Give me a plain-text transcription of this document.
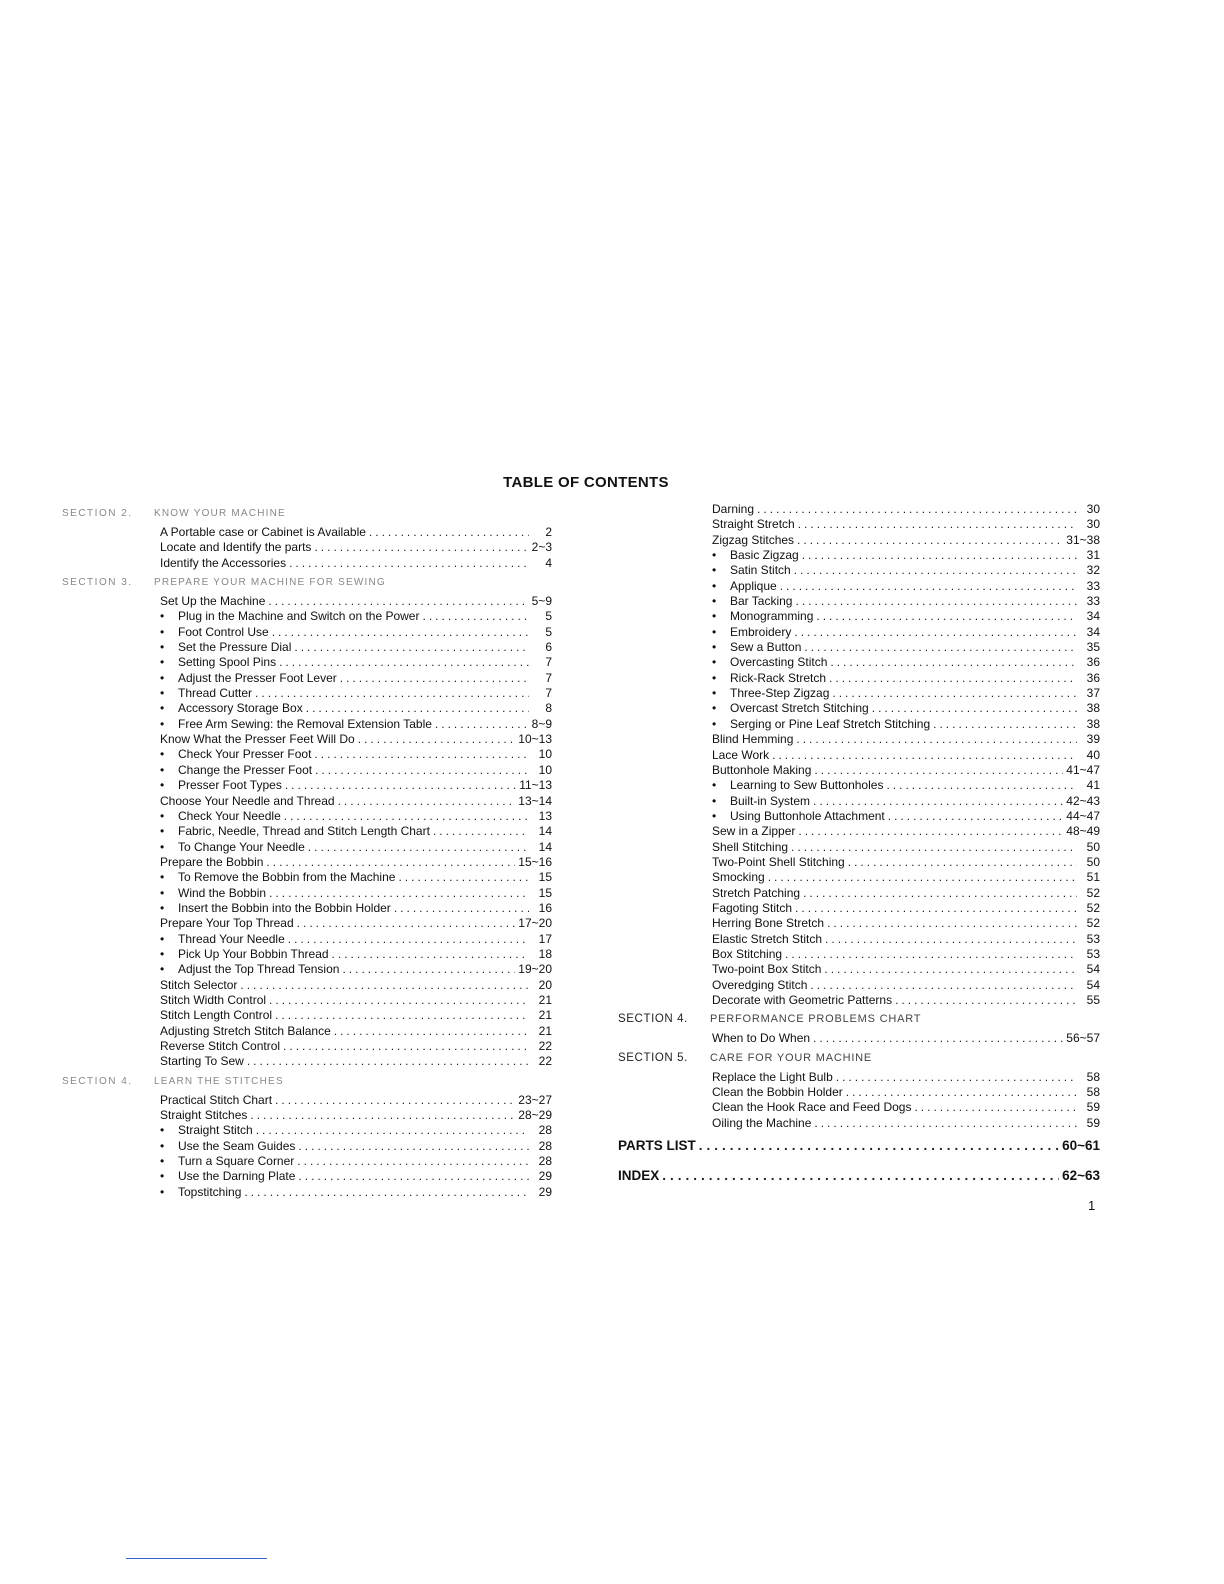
TABLE OF CONTENTS
SECTION 2.	KNOW YOUR MACHINE
A Portable case or Cabinet is Available .....	2
Locate and Identify the parts .....	2~3
Identify the Accessories .....	4
SECTION 3.	PREPARE YOUR MACHINE FOR SEWING
Set Up the Machine .....	5~9
• Plug in the Machine and Switch on the Power .....	5
• Foot Control Use .....	5
• Set the Pressure Dial .....	6
• Setting Spool Pins .....	7
• Adjust the Presser Foot Lever .....	7
• Thread Cutter .....	7
• Accessory Storage Box .....	8
• Free Arm Sewing: the Removal Extension Table .....	8~9
Know What the Presser Feet Will Do .....	10~13
• Check Your Presser Foot .....	10
• Change the Presser Foot .....	10
• Presser Foot Types .....	11~13
Choose Your Needle and Thread .....	13~14
• Check Your Needle .....	13
• Fabric, Needle, Thread and Stitch Length Chart .....	14
• To Change Your Needle .....	14
Prepare the Bobbin .....	15~16
• To Remove the Bobbin from the Machine .....	15
• Wind the Bobbin .....	15
• Insert the Bobbin into the Bobbin Holder .....	16
Prepare Your Top Thread .....	17~20
• Thread Your Needle .....	17
• Pick Up Your Bobbin Thread .....	18
• Adjust the Top Thread Tension .....	19~20
Stitch Selector .....	20
Stitch Width Control .....	21
Stitch Length Control .....	21
Adjusting Stretch Stitch Balance .....	21
Reverse Stitch Control .....	22
Starting To Sew .....	22
SECTION 4.	LEARN THE STITCHES
Practical Stitch Chart .....	23~27
Straight Stitches .....	28~29
• Straight Stitch .....	28
• Use the Seam Guides .....	28
• Turn a Square Corner .....	28
• Use the Darning Plate .....	29
• Topstitching .....	29
Darning .....	30
Straight Stretch .....	30
Zigzag Stitches .....	31~38
• Basic Zigzag .....	31
• Satin Stitch .....	32
• Applique .....	33
• Bar Tacking .....	33
• Monogramming .....	34
• Embroidery .....	34
• Sew a Button .....	35
• Overcasting Stitch .....	36
• Rick-Rack Stretch .....	36
• Three-Step Zigzag .....	37
• Overcast Stretch Stitching .....	38
• Serging or Pine Leaf Stretch Stitching .....	38
Blind Hemming .....	39
Lace Work .....	40
Buttonhole Making .....	41~47
• Learning to Sew Buttonholes .....	41
• Built-in System .....	42~43
• Using Buttonhole Attachment .....	44~47
Sew in a Zipper .....	48~49
Shell Stitching .....	50
Two-Point Shell Stitching .....	50
Smocking .....	51
Stretch Patching .....	52
Fagoting Stitch .....	52
Herring Bone Stretch .....	52
Elastic Stretch Stitch .....	53
Box Stitching .....	53
Two-point Box Stitch .....	54
Overedging Stitch .....	54
Decorate with Geometric Patterns .....	55
SECTION 4.	PERFORMANCE PROBLEMS CHART
When to Do When .....	56~57
SECTION 5.	CARE FOR YOUR MACHINE
Replace the Light Bulb .....	58
Clean the Bobbin Holder .....	58
Clean the Hook Race and Feed Dogs .....	59
Oiling the Machine .....	59
PARTS LIST .....	60~61
INDEX .....	62~63
1
